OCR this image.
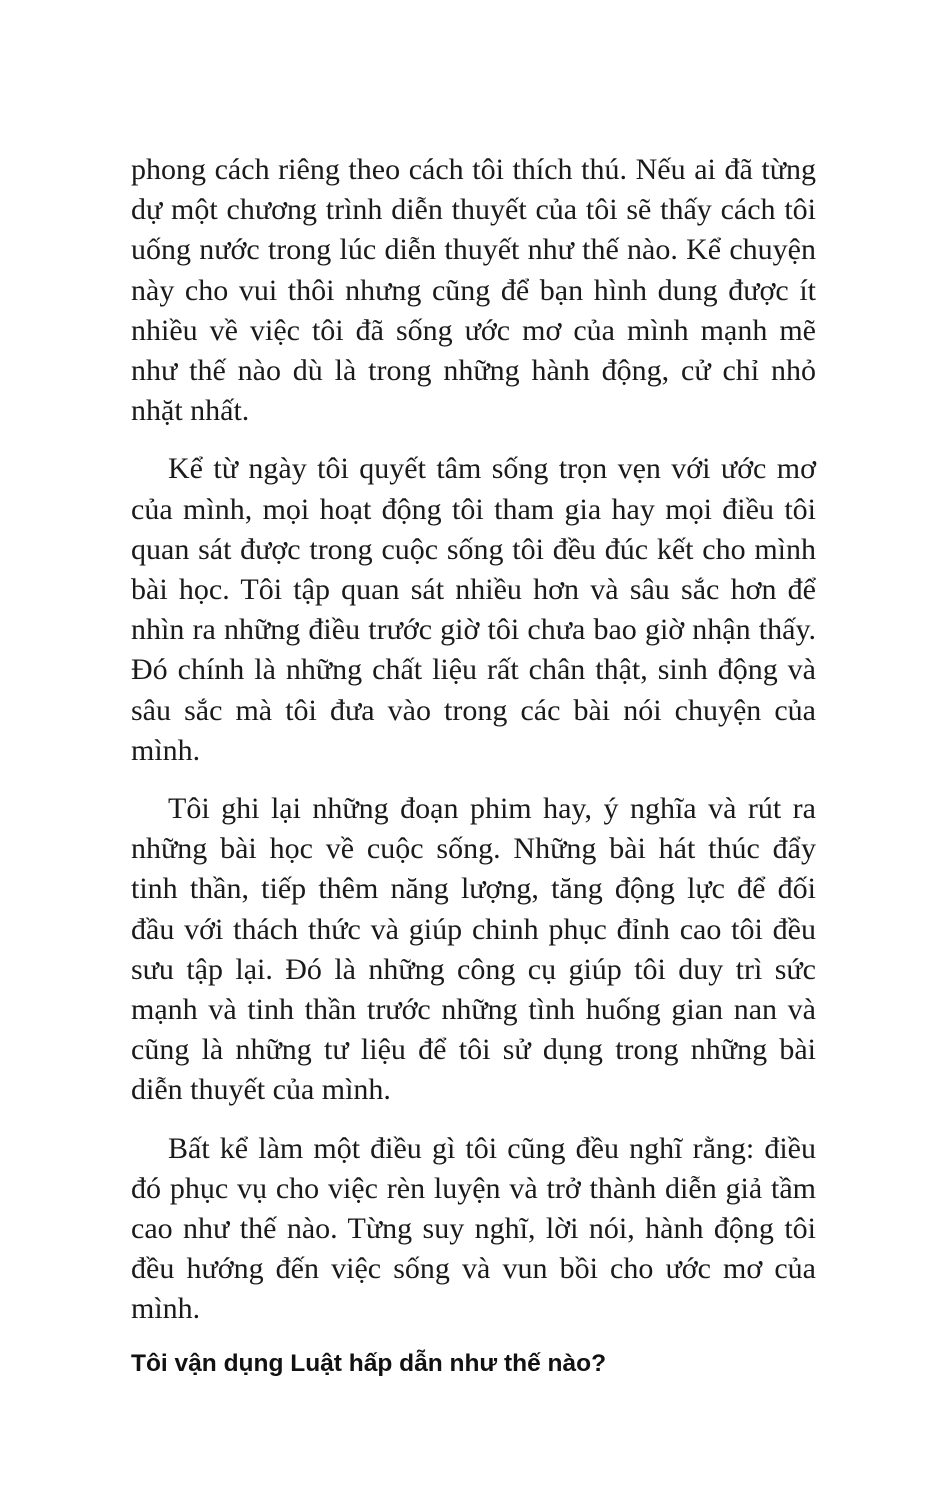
phong cách riêng theo cách tôi thích thú. Nếu ai đã từng dự một chương trình diễn thuyết của tôi sẽ thấy cách tôi uống nước trong lúc diễn thuyết như thế nào. Kể chuyện này cho vui thôi nhưng cũng để bạn hình dung được ít nhiều về việc tôi đã sống ước mơ của mình mạnh mẽ như thế nào dù là trong những hành động, cử chỉ nhỏ nhặt nhất.

Kể từ ngày tôi quyết tâm sống trọn vẹn với ước mơ của mình, mọi hoạt động tôi tham gia hay mọi điều tôi quan sát được trong cuộc sống tôi đều đúc kết cho mình bài học. Tôi tập quan sát nhiều hơn và sâu sắc hơn để nhìn ra những điều trước giờ tôi chưa bao giờ nhận thấy. Đó chính là những chất liệu rất chân thật, sinh động và sâu sắc mà tôi đưa vào trong các bài nói chuyện của mình.

Tôi ghi lại những đoạn phim hay, ý nghĩa và rút ra những bài học về cuộc sống. Những bài hát thúc đẩy tinh thần, tiếp thêm năng lượng, tăng động lực để đối đầu với thách thức và giúp chinh phục đỉnh cao tôi đều sưu tập lại. Đó là những công cụ giúp tôi duy trì sức mạnh và tinh thần trước những tình huống gian nan và cũng là những tư liệu để tôi sử dụng trong những bài diễn thuyết của mình.

Bất kể làm một điều gì tôi cũng đều nghĩ rằng: điều đó phục vụ cho việc rèn luyện và trở thành diễn giả tầm cao như thế nào. Từng suy nghĩ, lời nói, hành động tôi đều hướng đến việc sống và vun bồi cho ước mơ của mình.

Tôi vận dụng Luật hấp dẫn như thế nào?
